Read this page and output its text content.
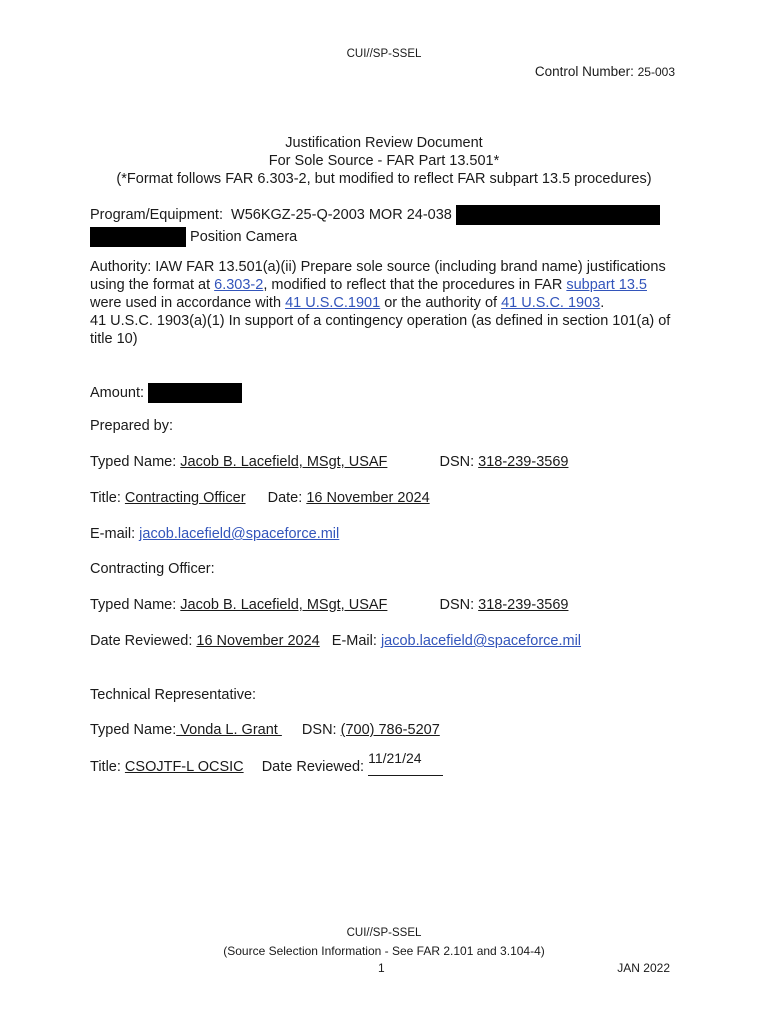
CUI//SP-SSEL
Control Number: 25-003
Justification Review Document
For Sole Source - FAR Part 13.501*
(*Format follows FAR 6.303-2, but modified to reflect FAR subpart 13.5 procedures)
Program/Equipment: W56KGZ-25-Q-2003 MOR 24-038
Position Camera
Authority: IAW FAR 13.501(a)(ii) Prepare sole source (including brand name) justifications using the format at 6.303-2, modified to reflect that the procedures in FAR subpart 13.5 were used in accordance with 41 U.S.C.1901 or the authority of 41 U.S.C. 1903.
41 U.S.C. 1903(a)(1) In support of a contingency operation (as defined in section 101(a) of title 10)
Amount:
Prepared by:
Typed Name: Jacob B. Lacefield, MSgt, USAF	DSN: 318-239-3569
Title: Contracting Officer Date: 16 November 2024
E-mail: jacob.lacefield@spaceforce.mil
Contracting Officer:
Typed Name: Jacob B. Lacefield, MSgt, USAF	DSN: 318-239-3569
Date Reviewed: 16 November 2024 E-Mail: jacob.lacefield@spaceforce.mil
Technical Representative:
Typed Name: Vonda L. Grant   DSN: (700) 786-5207
Title: CSOJTF-L OCSIC Date Reviewed:
11/21/24
CUI//SP-SSEL
(Source Selection Information - See FAR 2.101 and 3.104-4)
1	JAN 2022
